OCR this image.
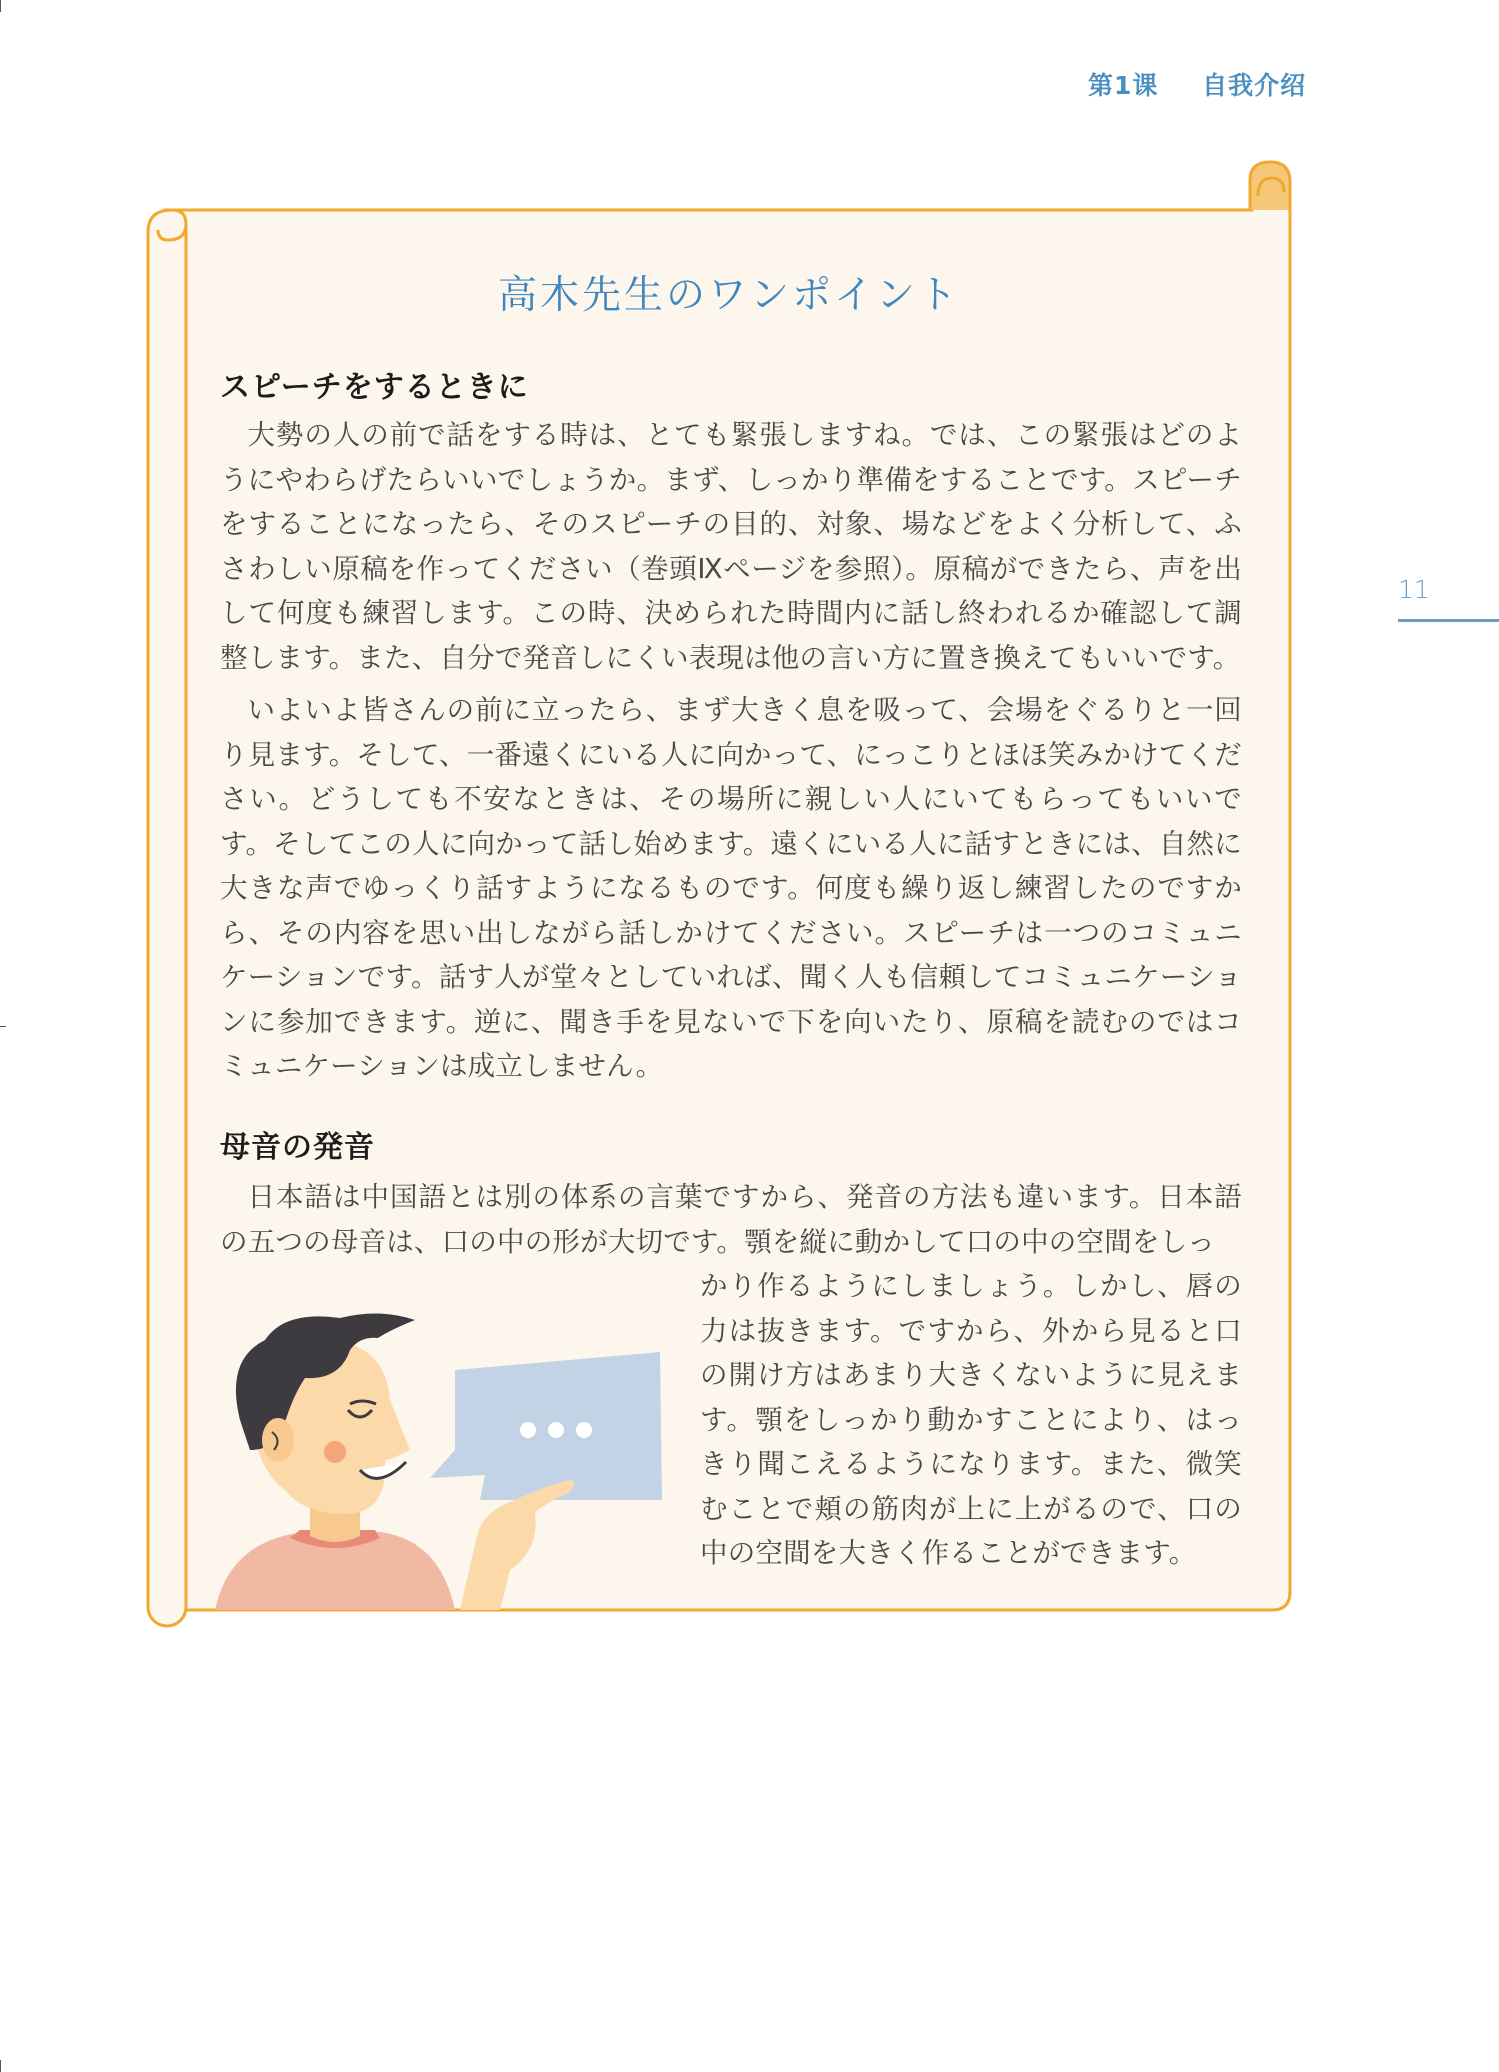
第1课 自我介绍
11
高木先生のワンポイント
スピーチをするときに

大勢の人の前で話をする時は、とても緊張しますね。では、この緊張はどのようにやわらげたらいいでしょうか。まず、しっかり準備をすることです。スピーチをすることになったら、そのスピーチの目的、対象、場などをよく分析して、ふさわしい原稿を作ってください（巻頭Ⅸページを参照）。原稿ができたら、声を出して何度も練習します。この時、決められた時間内に話し終われるか確認して調整します。また、自分で発音しにくい表現は他の言い方に置き換えてもいいです。

いよいよ皆さんの前に立ったら、まず大きく息を吸って、会場をぐるりと一回り見ます。そして、一番遠くにいる人に向かって、にっこりとほほ笑みかけてください。どうしても不安なときは、その場所に親しい人にいてもらってもいいです。そしてこの人に向かって話し始めます。遠くにいる人に話すときには、自然に大きな声でゆっくり話すようになるものです。何度も繰り返し練習したのですから、その内容を思い出しながら話しかけてください。スピーチは一つのコミュニケーションです。話す人が堂々としていれば、聞く人も信頼してコミュニケーションに参加できます。逆に、聞き手を見ないで下を向いたり、原稿を読むのではコミュニケーションは成立しません。

母音の発音

日本語は中国語とは別の体系の言葉ですから、発音の方法も違います。日本語の五つの母音は、口の中の形が大切です。顎を縦に動かして口の中の空間をしっ

かり作るようにしましょう。しかし、唇の力は抜きます。ですから、外から見ると口の開け方はあまり大きくないように見えます。顎をしっかり動かすことにより、はっきり聞こえるようになります。また、微笑むことで頬の筋肉が上に上がるので、口の中の空間を大きく作ることができます。
